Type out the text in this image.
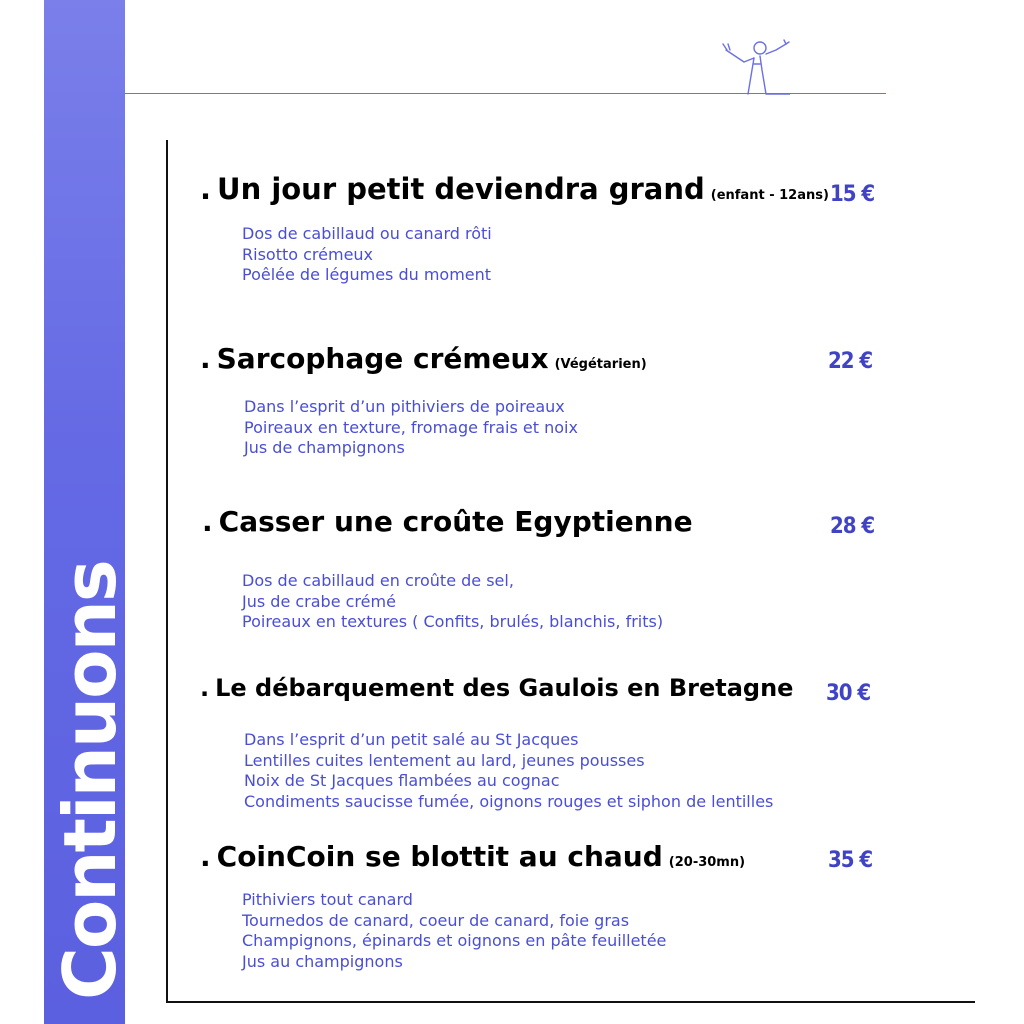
Continuons
. Un jour petit deviendra grand (enfant - 12ans) 15 €
Dos de cabillaud ou canard rôti
Risotto crémeux
Poêlée de légumes du moment
. Sarcophage crémeux (Végétarien)	22 €
Dans l’esprit d’un pithiviers de poireaux
Poireaux en texture, fromage frais et noix
Jus de champignons
. Casser une croûte Egyptienne	28 €
Dos de cabillaud en croûte de sel,
Jus de crabe crémé
Poireaux en textures ( Confits, brulés, blanchis, frits)
. Le débarquement des Gaulois en Bretagne 30 €
Dans l’esprit d’un petit salé au St Jacques
Lentilles cuites lentement au lard, jeunes pousses
Noix de St Jacques flambées au cognac
Condiments saucisse fumée, oignons rouges et siphon de lentilles
. CoinCoin se blottit au chaud (20-30mn)	35 €
Pithiviers tout canard
Tournedos de canard, coeur de canard, foie gras
Champignons, épinards et oignons en pâte feuilletée
Jus au champignons
